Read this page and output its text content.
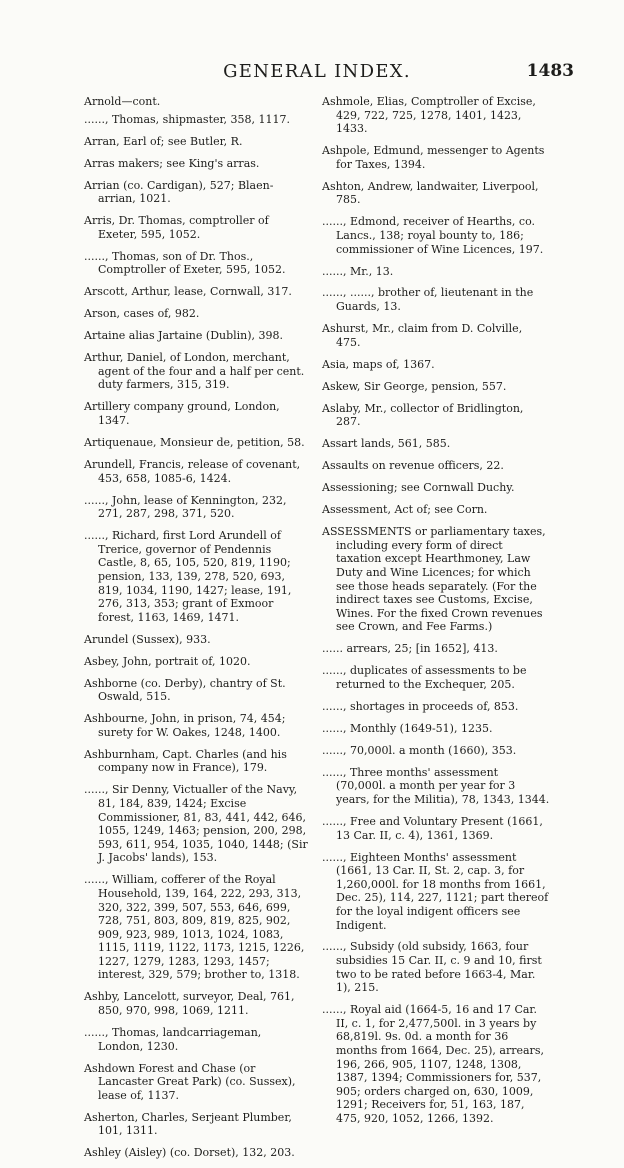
GENERAL INDEX.	1483

Arnold—cont.

......, Thomas, shipmaster, 358, 1117.

Arran, Earl of; see Butler, R.

Arras makers; see King's arras.

Arrian (co. Cardigan), 527; Blaen-arrian, 1021.

Arris, Dr. Thomas, comptroller of Exeter, 595, 1052.

......, Thomas, son of Dr. Thos., Comptroller of Exeter, 595, 1052.

Arscott, Arthur, lease, Cornwall, 317.

Arson, cases of, 982.

Artaine alias Jartaine (Dublin), 398.

Arthur, Daniel, of London, merchant, agent of the four and a half per cent. duty farmers, 315, 319.

Artillery company ground, London, 1347.

Artiquenaue, Monsieur de, petition, 58.

Arundell, Francis, release of covenant, 453, 658, 1085-6, 1424.

......, John, lease of Kennington, 232, 271, 287, 298, 371, 520.

......, Richard, first Lord Arundell of Trerice, governor of Pendennis Castle, 8, 65, 105, 520, 819, 1190; pension, 133, 139, 278, 520, 693, 819, 1034, 1190, 1427; lease, 191, 276, 313, 353; grant of Exmoor forest, 1163, 1469, 1471.

Arundel (Sussex), 933.

Asbey, John, portrait of, 1020.

Ashborne (co. Derby), chantry of St. Oswald, 515.

Ashbourne, John, in prison, 74, 454; surety for W. Oakes, 1248, 1400.

Ashburnham, Capt. Charles (and his company now in France), 179.

......, Sir Denny, Victualler of the Navy, 81, 184, 839, 1424; Excise Commissioner, 81, 83, 441, 442, 646, 1055, 1249, 1463; pension, 200, 298, 593, 611, 954, 1035, 1040, 1448; (Sir J. Jacobs' lands), 153.

......, William, cofferer of the Royal Household, 139, 164, 222, 293, 313, 320, 322, 399, 507, 553, 646, 699, 728, 751, 803, 809, 819, 825, 902, 909, 923, 989, 1013, 1024, 1083, 1115, 1119, 1122, 1173, 1215, 1226, 1227, 1279, 1283, 1293, 1457; interest, 329, 579; brother to, 1318.

Ashby, Lancelott, surveyor, Deal, 761, 850, 970, 998, 1069, 1211.

......, Thomas, landcarriageman, London, 1230.

Ashdown Forest and Chase (or Lancaster Great Park) (co. Sussex), lease of, 1137.

Asherton, Charles, Serjeant Plumber, 101, 1311.

Ashley (Aisley) (co. Dorset), 132, 203.

Ashmole, Elias, Comptroller of Excise, 429, 722, 725, 1278, 1401, 1423, 1433.

Ashpole, Edmund, messenger to Agents for Taxes, 1394.

Ashton, Andrew, landwaiter, Liverpool, 785.

......, Edmond, receiver of Hearths, co. Lancs., 138; royal bounty to, 186; commissioner of Wine Licences, 197.

......, Mr., 13.

......, ......, brother of, lieutenant in the Guards, 13.

Ashurst, Mr., claim from D. Colville, 475.

Asia, maps of, 1367.

Askew, Sir George, pension, 557.

Aslaby, Mr., collector of Bridlington, 287.

Assart lands, 561, 585.

Assaults on revenue officers, 22.

Assessioning; see Cornwall Duchy.

Assessment, Act of; see Corn.

ASSESSMENTS or parliamentary taxes, including every form of direct taxation except Hearthmoney, Law Duty and Wine Licences; for which see those heads separately. (For the indirect taxes see Customs, Excise, Wines. For the fixed Crown revenues see Crown, and Fee Farms.)

...... arrears, 25; [in 1652], 413.

......, duplicates of assessments to be returned to the Exchequer, 205.

......, shortages in proceeds of, 853.

......, Monthly (1649-51), 1235.

......, 70,000l. a month (1660), 353.

......, Three months' assessment (70,000l. a month per year for 3 years, for the Militia), 78, 1343, 1344.

......, Free and Voluntary Present (1661, 13 Car. II, c. 4), 1361, 1369.

......, Eighteen Months' assessment (1661, 13 Car. II, St. 2, cap. 3, for 1,260,000l. for 18 months from 1661, Dec. 25), 114, 227, 1121; part thereof for the loyal indigent officers see Indigent.

......, Subsidy (old subsidy, 1663, four subsidies 15 Car. II, c. 9 and 10, first two to be rated before 1663-4, Mar. 1), 215.

......, Royal aid (1664-5, 16 and 17 Car. II, c. 1, for 2,477,500l. in 3 years by 68,819l. 9s. 0d. a month for 36 months from 1664, Dec. 25), arrears, 196, 266, 905, 1107, 1248, 1308, 1387, 1394; Commissioners for, 537, 905; orders charged on, 630, 1009, 1291; Receivers for, 51, 163, 187, 475, 920, 1052, 1266, 1392.
